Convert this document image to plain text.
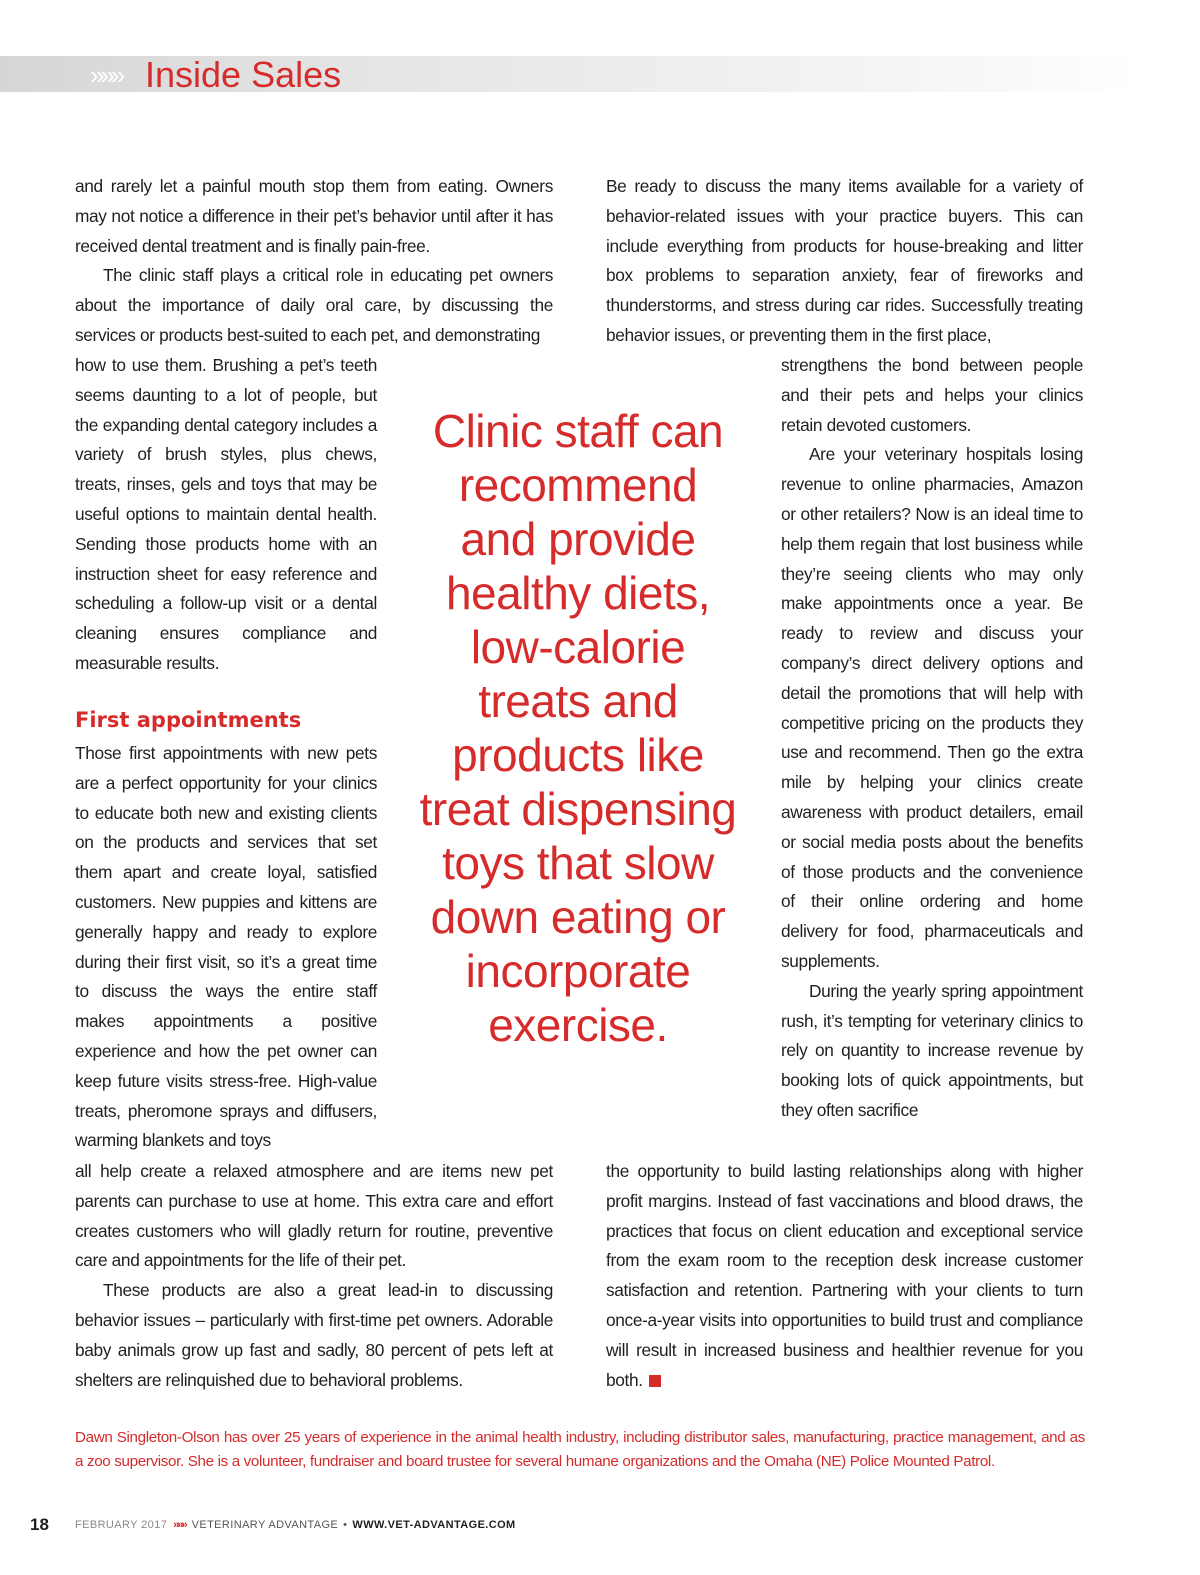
»»» Inside Sales

and rarely let a painful mouth stop them from eating. Owners may not notice a difference in their pet’s behavior until after it has received dental treatment and is finally pain-free.

The clinic staff plays a critical role in educating pet owners about the importance of daily oral care, by discussing the services or products best-suited to each pet, and demonstrating

how to use them. Brushing a pet’s teeth seems daunting to a lot of people, but the expanding dental category includes a variety of brush styles, plus chews, treats, rinses, gels and toys that may be useful options to maintain dental health. Sending those products home with an instruction sheet for easy reference and scheduling a follow-up visit or a dental cleaning ensures compliance and measurable results.

First appointments

Those first appointments with new pets are a perfect opportunity for your clinics to educate both new and existing clients on the products and services that set them apart and create loyal, satisfied customers. New puppies and kittens are generally happy and ready to explore during their first visit, so it’s a great time to discuss the ways the entire staff makes appointments a positive experience and how the pet owner can keep future visits stress-free. High-value treats, pheromone sprays and diffusers, warming blankets and toys

all help create a relaxed atmosphere and are items new pet parents can purchase to use at home. This extra care and effort creates customers who will gladly return for routine, preventive care and appointments for the life of their pet.

These products are also a great lead-in to discussing behavior issues – particularly with first-time pet owners. Adorable baby animals grow up fast and sadly, 80 percent of pets left at shelters are relinquished due to behavioral problems.

Clinic staff can recommend and provide healthy diets, low-calorie treats and products like treat dispensing toys that slow down eating or incorporate exercise.

Be ready to discuss the many items available for a variety of behavior-related issues with your practice buyers. This can include everything from products for house-breaking and litter box problems to separation anxiety, fear of fireworks and thunderstorms, and stress during car rides. Successfully treating behavior issues, or preventing them in the first place,

strengthens the bond between people and their pets and helps your clinics retain devoted customers.

Are your veterinary hospitals losing revenue to online pharmacies, Amazon or other retailers? Now is an ideal time to help them regain that lost business while they’re seeing clients who may only make appointments once a year. Be ready to review and discuss your company’s direct delivery options and detail the promotions that will help with competitive pricing on the products they use and recommend. Then go the extra mile by helping your clinics create awareness with product detailers, email or social media posts about the benefits of those products and the convenience of their online ordering and home delivery for food, pharmaceuticals and supplements.

During the yearly spring appointment rush, it’s tempting for veterinary clinics to rely on quantity to increase revenue by booking lots of quick appointments, but they often sacrifice

the opportunity to build lasting relationships along with higher profit margins. Instead of fast vaccinations and blood draws, the practices that focus on client education and exceptional service from the exam room to the reception desk increase customer satisfaction and retention. Partnering with your clients to turn once-a-year visits into opportunities to build trust and compliance will result in increased business and healthier revenue for you both.

Dawn Singleton-Olson has over 25 years of experience in the animal health industry, including distributor sales, manufacturing, practice management, and as a zoo supervisor. She is a volunteer, fundraiser and board trustee for several humane organizations and the Omaha (NE) Police Mounted Patrol.
18 FEBRUARY 2017 »»» VETERINARY ADVANTAGE • WWW.VET-ADVANTAGE.COM
